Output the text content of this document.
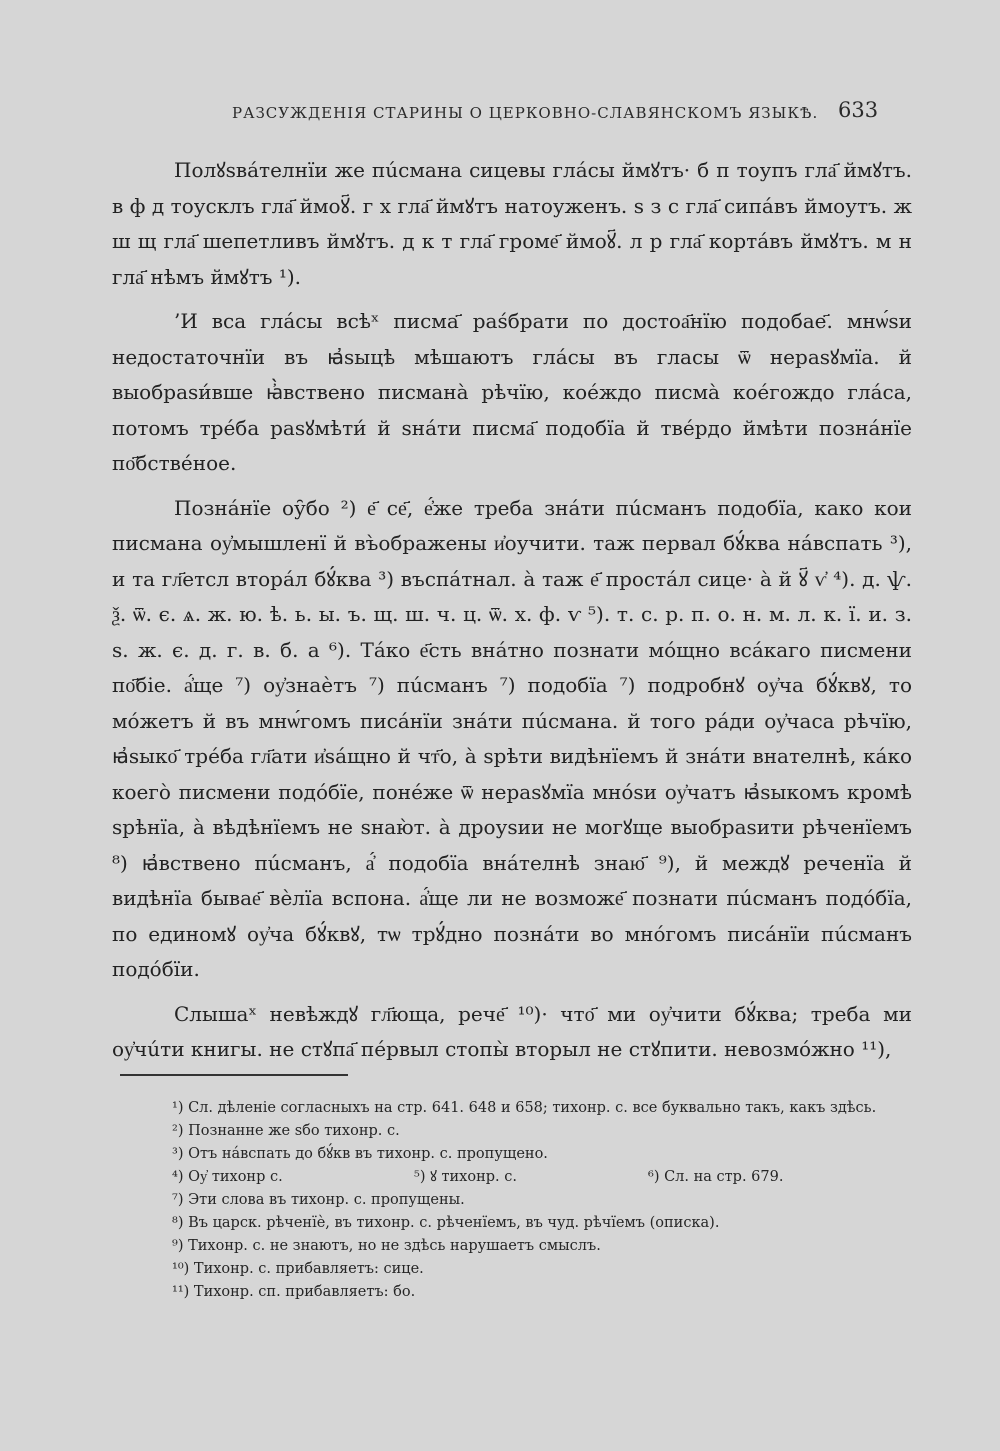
РАЗСУЖДЕНІЯ СТАРИНЫ О ЦЕРКОВНО-СЛАВЯНСКОМЪ ЯЗЫКѢ. 633

Полꙋѕвáтелнїи же пúсмана сицевы глáсы ймꙋтъ· б п тоупъ гла҃ ймꙋтъ. в ф д тоусклъ гла҃ ймоꙋ҃. г х гла҃ ймꙋтъ натоуженъ. ѕ з с гла҃ сипáвъ ймоутъ. ж ш щ гла҃ шепетливъ ймꙋтъ. д к т гла҃ громе҃ ймоꙋ҃. л р гла҃ кортáвъ ймꙋтъ. м н гла҃ нѣмъ ймꙋтъ ¹).

’И вса глáсы всѣˣ писмa҃ раѕ́брати по достоа҃нїю подобаe҃. мнѡ́ѕи недостаточнїи въ ꙗ҆ѕыцѣ мѣшаютъ глáсы въ гласы ѿ нераѕꙋмїа. й выобраѕи́вше ꙗ҆̀вствено писмана̀ рѣчїю, коéждо писма̀ коéгождо глáса, потомъ трéба раѕꙋмѣти́ й ѕнáти писма҃ подобїа й твéрдо ймѣти познáнїе по҃бстве́ное.

Познáнїе оу̑бо ²) е҃ се҃, е҆́же треба знáти пúсманъ подобїа, како кои писмана оу҆мышленї й въ̀ображены и҆оучити. таж первал бꙋ́ква нáвспать ³), и та гл҃етсл вторáл бꙋ́ква ³) въспáтнал. а̀ таж е҃ простáл сице· а̀ й ꙋ҃ ѵ҆ ⁴). д. ѱ. ѯ. ѿ. є. ѧ. ж. ю. ѣ. ь. ы. ъ. щ. ш. ч. ц. ѿ. х. ф. ѵ ⁵). т. с. р. п. о. н. м. л. к. ї. и. з. ѕ. ж. є. д. г. в. б. а ⁶). Тáко е҃сть внáтно познати мóщно всáкаго писмени по҃біе. а҆́ще ⁷) оу҆знаѐтъ ⁷) пúсманъ ⁷) подобїа ⁷) подробнꙋ оу҆ча бꙋ́квꙋ, то мóжетъ й въ мнѡ́гомъ писáнїи знáти пúсмана. й того рáди оу҆часа рѣчїю, ꙗ҆ѕыко҃ трéба гл҃ати и҆ѕáщно й чт҃о, а̀ ѕрѣти видѣнїемъ й знáти внателнѣ, кáко коегò писмени подóбїе, понéже ѿ нераѕꙋмїа мнóѕи оу҆чатъ ꙗ҆ѕыкомъ кромѣ ѕрѣнїа, а̀ вѣдѣнїемъ не ѕнаю̀т. а̀ дроуѕии не могꙋще выобраѕити рѣченїемъ ⁸) ꙗ҆вствено пúсманъ, а҆́ подобїа внáтелнѣ знаю҃ ⁹), й междꙋ реченїа й видѣнїа бывае҃ вѐлїа вспона. а҆́ще ли не возможе҃ познати пúсманъ подóбїа, по единомꙋ оу҆ча бꙋ́квꙋ, тѡ трꙋ́дно познáти во мнóгомъ писáнїи пúсманъ подóбїи.

Слышаˣ невѣждꙋ гл҃юща, рече҃ ¹⁰)· что҃ ми оу҆чити бꙋ́ква; треба ми оу҆чúти книгы. не стꙋпа҃ пéрвыл стопы̀ вторыл не стꙋпити. невозмóжно ¹¹),

¹) Сл. дѣленіе согласныхъ на стр. 641. 648 и 658; тихонр. с. все буквально такъ, какъ здѣсь.
²) Познанне же ѕбо тихонр. с.
³) Отъ нáвспать до бꙋ́кв въ тихонр. с. пропущено.
⁴) Оу҆ тихонр с.	⁵) ꙋ тихонр. с.	⁶) Сл. на стр. 679.
⁷) Эти слова въ тихонр. с. пропущены.
⁸) Въ царск. рѣченїѐ, въ тихонр. с. рѣченїемъ, въ чуд. рѣчїемъ (описка).
⁹) Тихонр. с. не знаютъ, но не здѣсь нарушаетъ смыслъ.
¹⁰) Тихонр. с. прибавляетъ: сице.
¹¹) Тихонр. сп. прибавляетъ: бо.
